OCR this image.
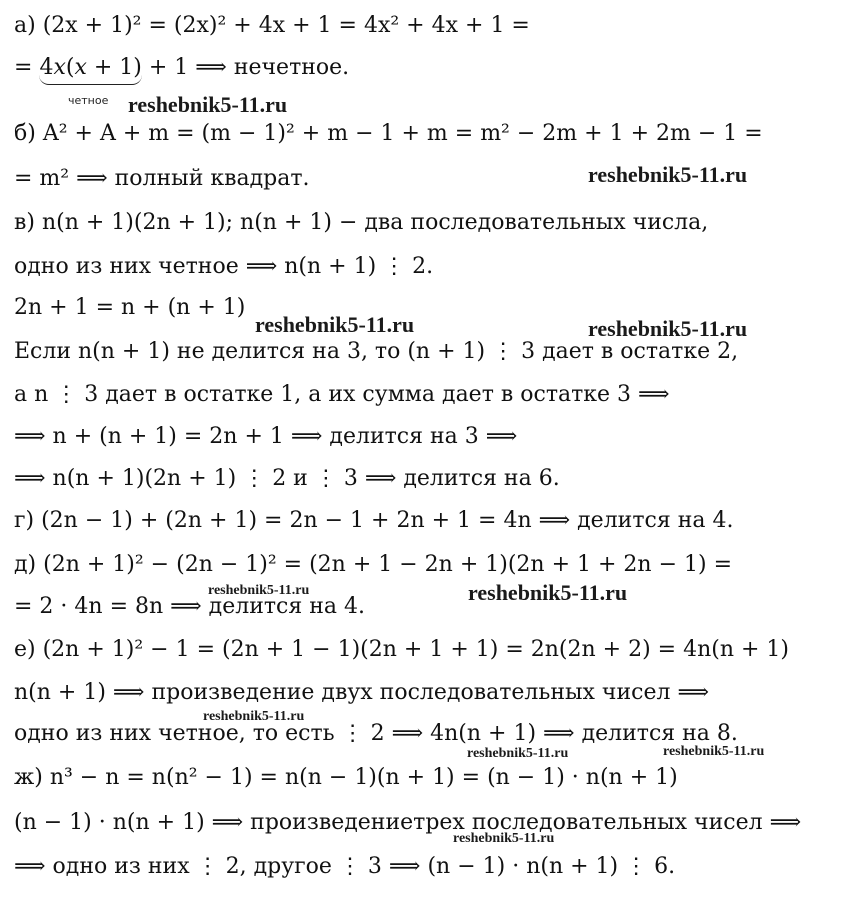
а) (2x + 1)² = (2x)² + 4x + 1 = 4x² + 4x + 1 =
= 4x(x + 1) + 1 ⟹ нечетное.
четное
б) A² + A + m = (m − 1)² + m − 1 + m = m² − 2m + 1 + 2m − 1 =
= m² ⟹ полный квадрат.
в) n(n + 1)(2n + 1); n(n + 1) − два последовательных числа,
одно из них четное ⟹ n(n + 1) ⋮ 2.
2n + 1 = n + (n + 1)
Если n(n + 1) не делится на 3, то (n + 1) ⋮ 3 дает в остатке 2,
а n ⋮ 3 дает в остатке 1, а их сумма дает в остатке 3 ⟹
⟹ n + (n + 1) = 2n + 1 ⟹ делится на 3 ⟹
⟹ n(n + 1)(2n + 1) ⋮ 2 и ⋮ 3 ⟹ делится на 6.
г) (2n − 1) + (2n + 1) = 2n − 1 + 2n + 1 = 4n ⟹ делится на 4.
д) (2n + 1)² − (2n − 1)² = (2n + 1 − 2n + 1)(2n + 1 + 2n − 1) =
= 2 · 4n = 8n ⟹ делится на 4.
е) (2n + 1)² − 1 = (2n + 1 − 1)(2n + 1 + 1) = 2n(2n + 2) = 4n(n + 1)
n(n + 1) ⟹ произведение двух последовательных чисел ⟹
одно из них четное, то есть ⋮ 2 ⟹ 4n(n + 1) ⟹ делится на 8.
ж) n³ − n = n(n² − 1) = n(n − 1)(n + 1) = (n − 1) · n(n + 1)
(n − 1) · n(n + 1) ⟹ произведениетрех последовательных чисел ⟹
⟹ одно из них ⋮ 2, другое ⋮ 3 ⟹ (n − 1) · n(n + 1) ⋮ 6.
reshebnik5-11.ru
reshebnik5-11.ru
reshebnik5-11.ru	reshebnik5-11.ru
reshebnik5-11.ru	reshebnik5-11.ru
reshebnik5-11.ru
reshebnik5-11.ru	reshebnik5-11.ru
reshebnik5-11.ru
